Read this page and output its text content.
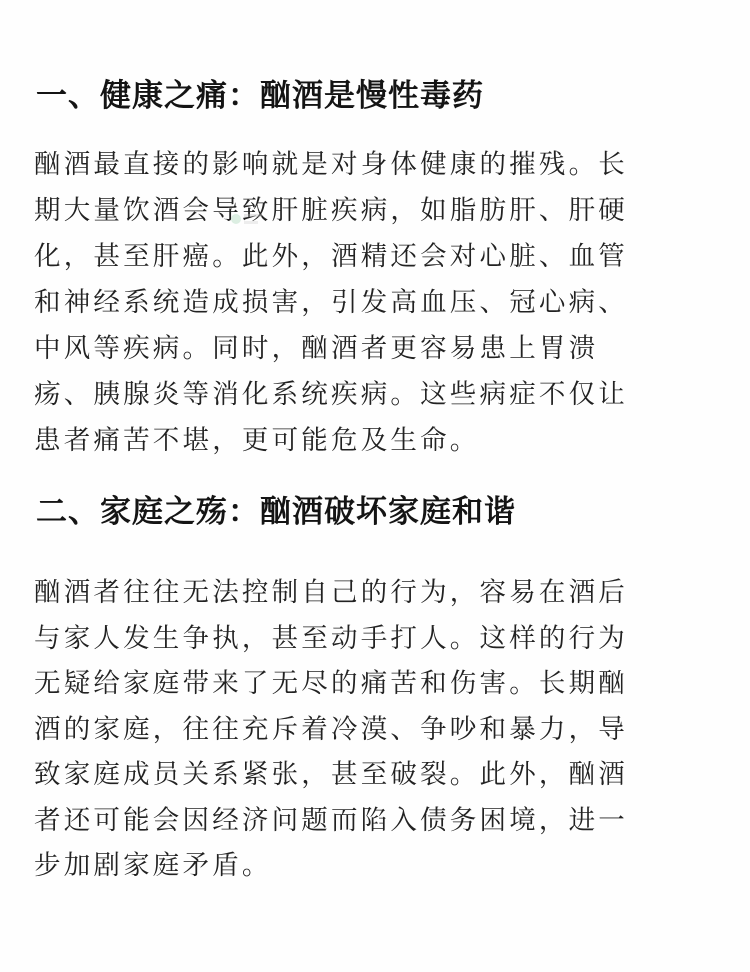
一、健康之痛：酗酒是慢性毒药
酗酒最直接的影响就是对身体健康的摧残。长
期大量饮酒会导致肝脏疾病，如脂肪肝、肝硬
化，甚至肝癌。此外，酒精还会对心脏、血管
和神经系统造成损害，引发高血压、冠心病、
中风等疾病。同时，酗酒者更容易患上胃溃
疡、胰腺炎等消化系统疾病。这些病症不仅让
患者痛苦不堪，更可能危及生命。
二、家庭之殇：酗酒破坏家庭和谐
酗酒者往往无法控制自己的行为，容易在酒后
与家人发生争执，甚至动手打人。这样的行为
无疑给家庭带来了无尽的痛苦和伤害。长期酗
酒的家庭，往往充斥着冷漠、争吵和暴力，导
致家庭成员关系紧张，甚至破裂。此外，酗酒
者还可能会因经济问题而陷入债务困境，进一
步加剧家庭矛盾。
